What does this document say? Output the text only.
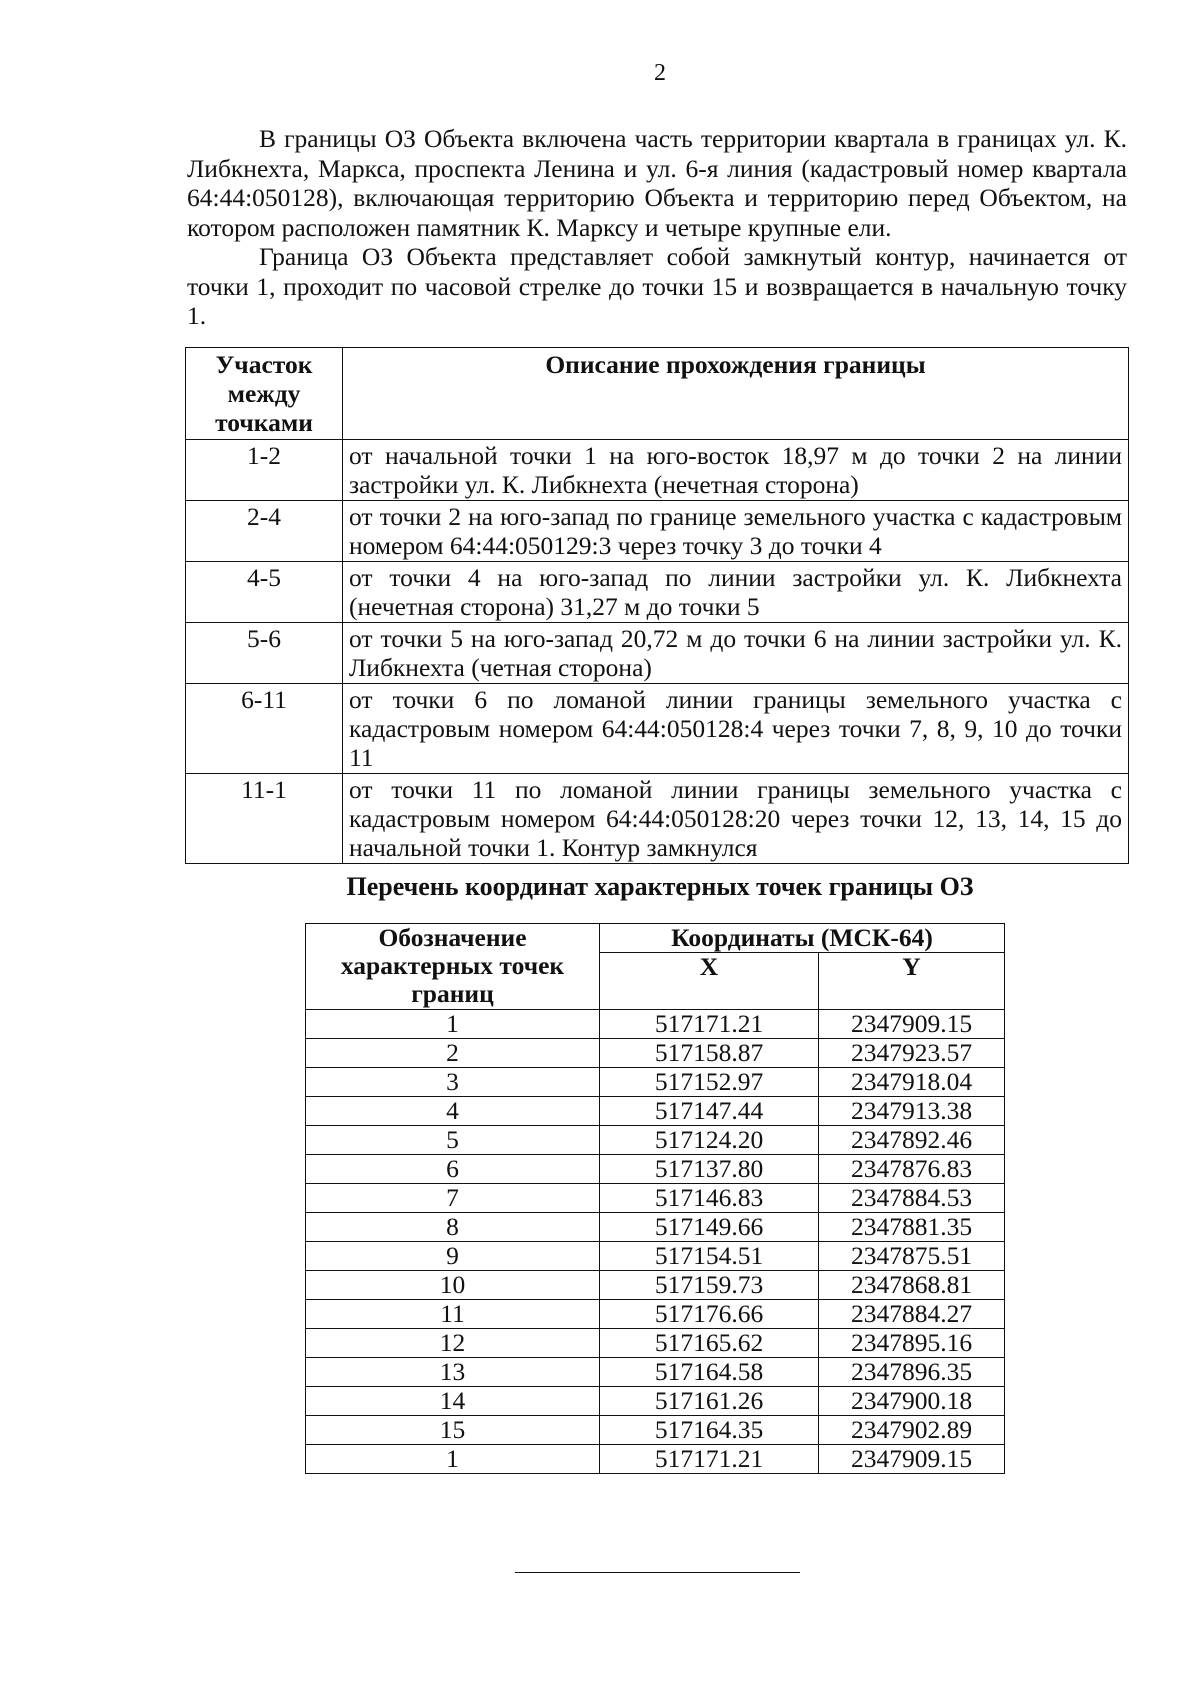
2

В границы ОЗ Объекта включена часть территории квартала в границах ул. К. Либкнехта, Маркса, проспекта Ленина и ул. 6-я линия (кадастровый номер квартала 64:44:050128), включающая территорию Объекта и территорию перед Объектом, на котором расположен памятник К. Марксу и четыре крупные ели.

Граница ОЗ Объекта представляет собой замкнутый контур, начинается от точки 1, проходит по часовой стрелке до точки 15 и возвращается в начальную точку 1.

Участок между точками	Описание прохождения границы
1-2	от начальной точки 1 на юго-восток 18,97 м до точки 2 на линии застройки ул. К. Либкнехта (нечетная сторона)
2-4	от точки 2 на юго-запад по границе земельного участка с кадастровым номером 64:44:050129:3 через точку 3 до точки 4
4-5	от точки 4 на юго-запад по линии застройки ул. К. Либкнехта (нечетная сторона) 31,27 м до точки 5
5-6	от точки 5 на юго-запад 20,72 м до точки 6 на линии застройки ул. К. Либкнехта (четная сторона)
6-11	от точки 6 по ломаной линии границы земельного участка с кадастровым номером 64:44:050128:4 через точки 7, 8, 9, 10 до точки 11
11-1	от точки 11 по ломаной линии границы земельного участка с кадастровым номером 64:44:050128:20 через точки 12, 13, 14, 15 до начальной точки 1. Контур замкнулся
Перечень координат характерных точек границы ОЗ
Обозначение характерных точек границ	Координаты (МСК-64)	
	X	Y
1	517171.21	2347909.15
2	517158.87	2347923.57
3	517152.97	2347918.04
4	517147.44	2347913.38
5	517124.20	2347892.46
6	517137.80	2347876.83
7	517146.83	2347884.53
8	517149.66	2347881.35
9	517154.51	2347875.51
10	517159.73	2347868.81
11	517176.66	2347884.27
12	517165.62	2347895.16
13	517164.58	2347896.35
14	517161.26	2347900.18
15	517164.35	2347902.89
1	517171.21	2347909.15
